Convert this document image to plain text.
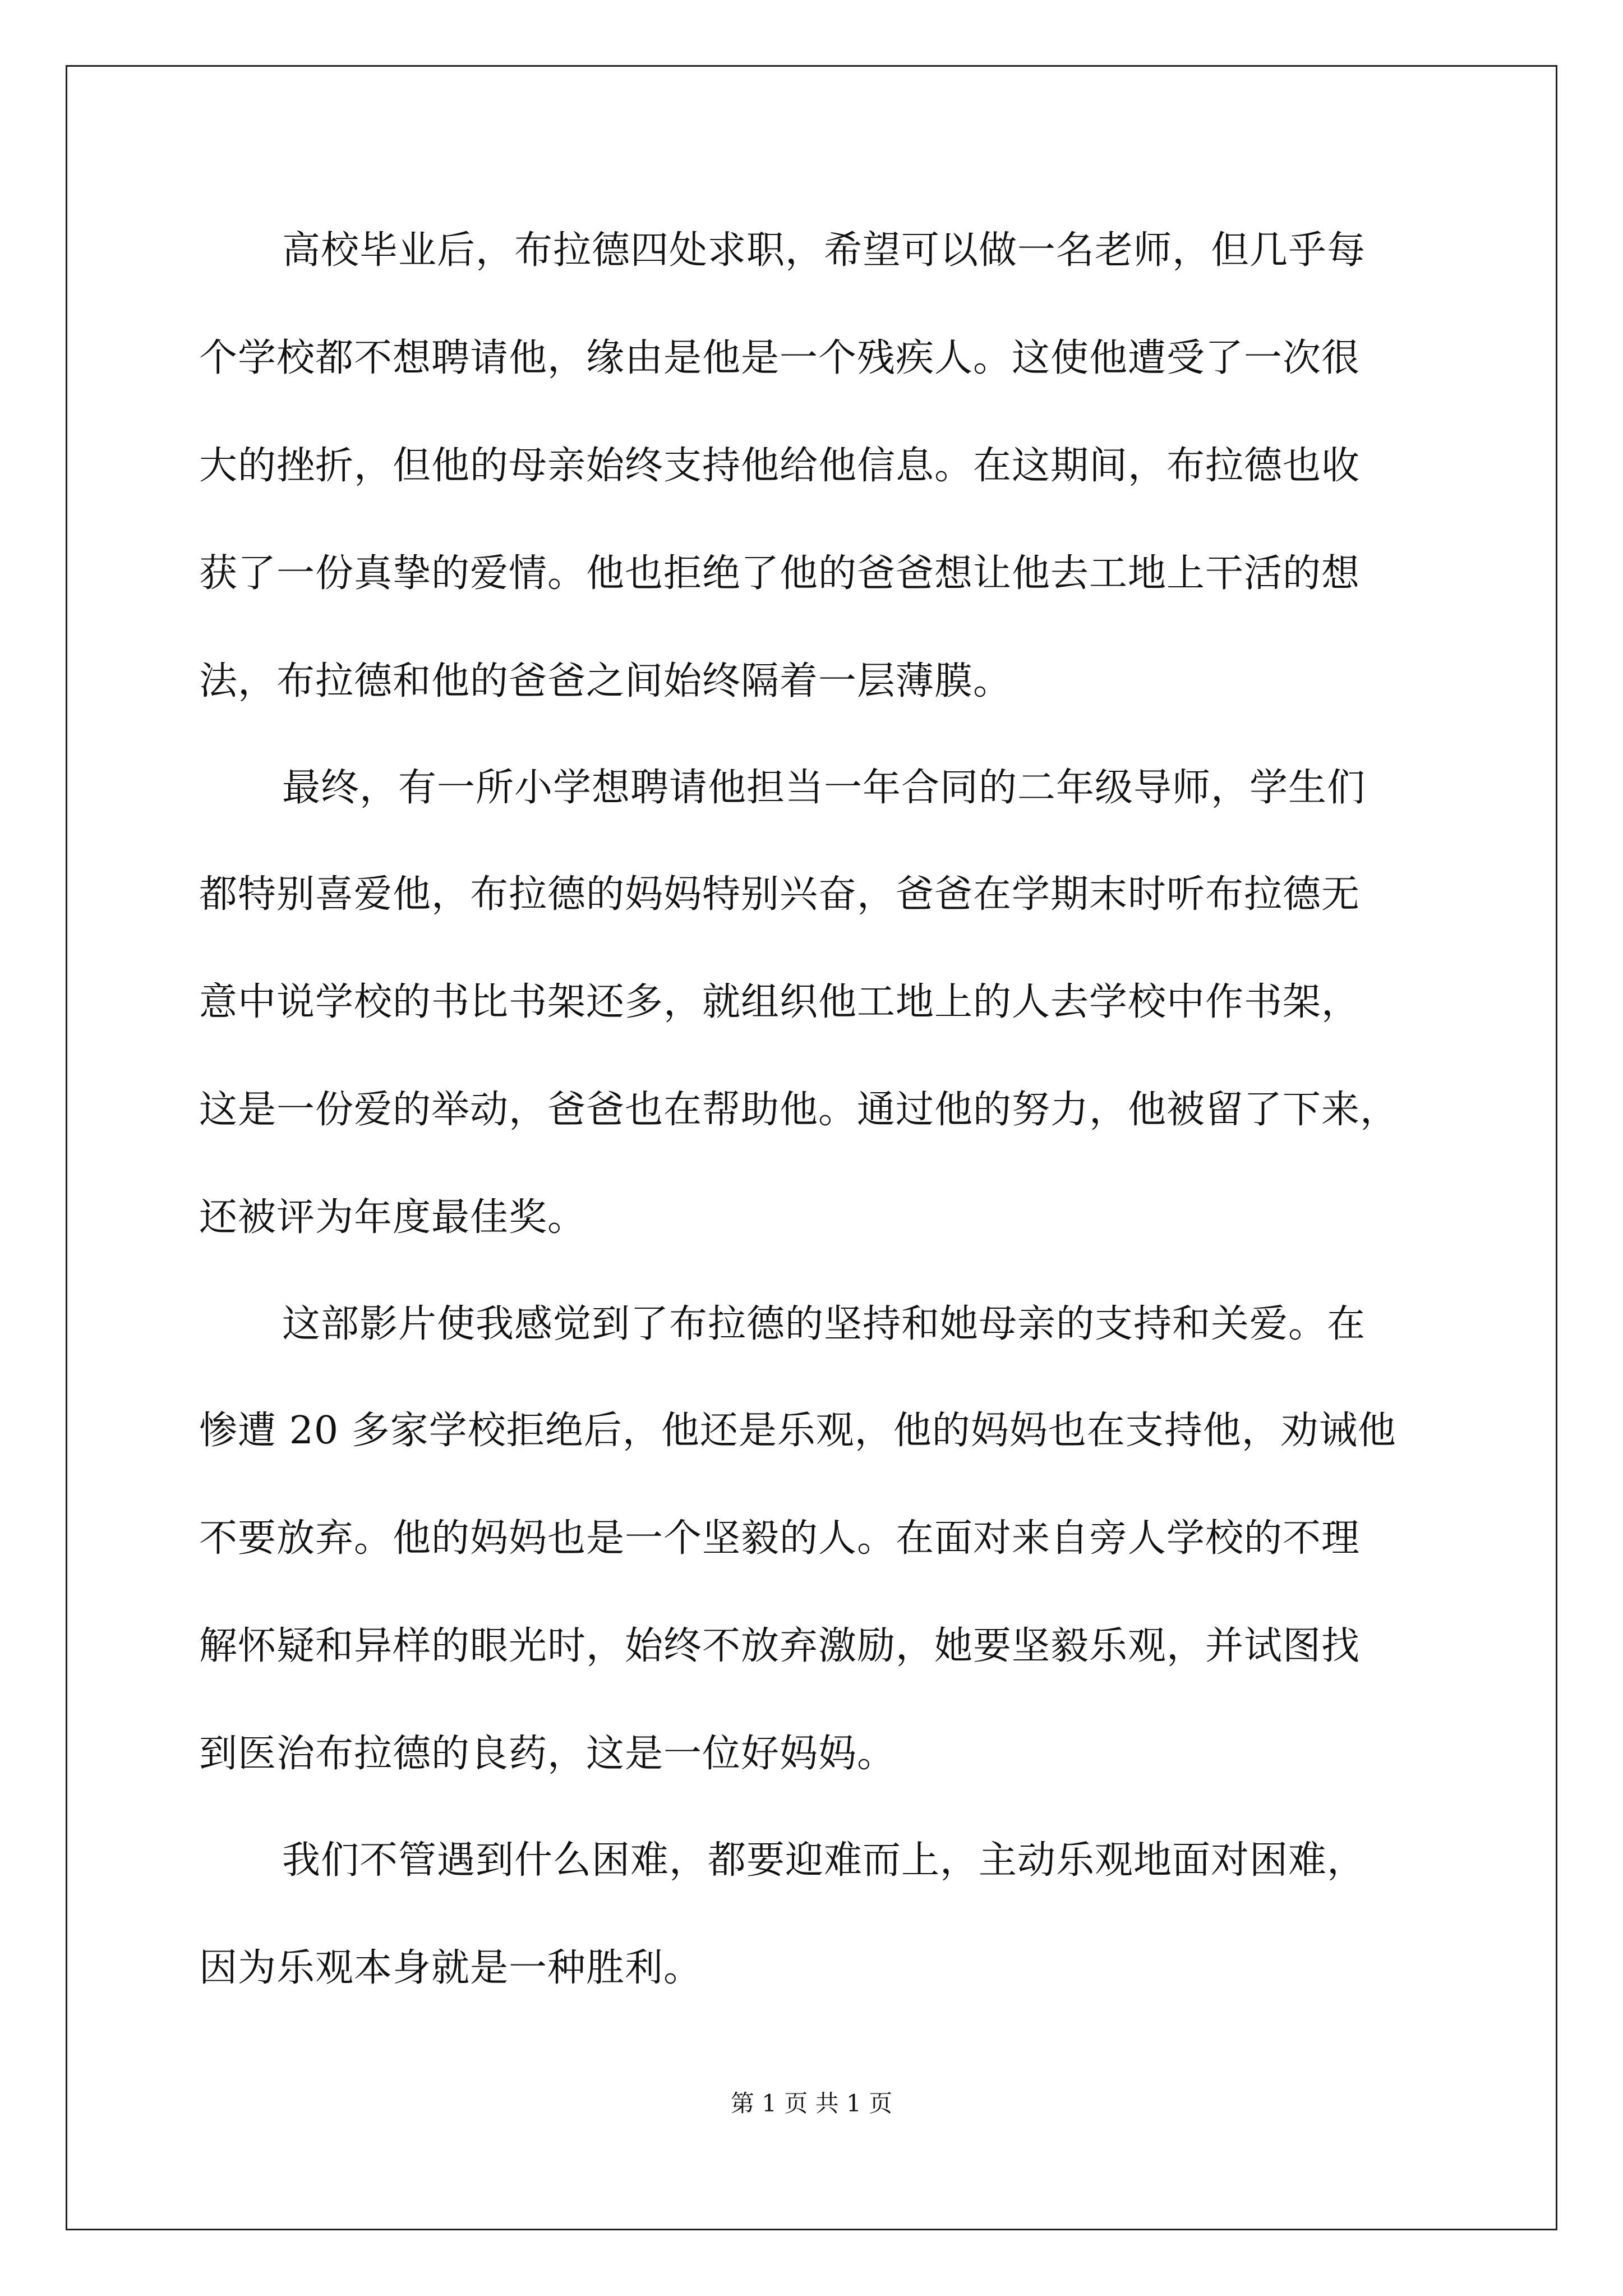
高校毕业后，布拉德四处求职，希望可以做一名老师，但几乎每
个学校都不想聘请他，缘由是他是一个残疾人。这使他遭受了一次很
大的挫折，但他的母亲始终支持他给他信息。在这期间，布拉德也收
获了一份真挚的爱情。他也拒绝了他的爸爸想让他去工地上干活的想
法，布拉德和他的爸爸之间始终隔着一层薄膜。
最终，有一所小学想聘请他担当一年合同的二年级导师，学生们
都特别喜爱他，布拉德的妈妈特别兴奋，爸爸在学期末时听布拉德无
意中说学校的书比书架还多，就组织他工地上的人去学校中作书架，
这是一份爱的举动，爸爸也在帮助他。通过他的努力，他被留了下来，
还被评为年度最佳奖。
这部影片使我感觉到了布拉德的坚持和她母亲的支持和关爱。在
惨遭 20 多家学校拒绝后，他还是乐观，他的妈妈也在支持他，劝诫他
不要放弃。他的妈妈也是一个坚毅的人。在面对来自旁人学校的不理
解怀疑和异样的眼光时，始终不放弃激励，她要坚毅乐观，并试图找
到医治布拉德的良药，这是一位好妈妈。
我们不管遇到什么困难，都要迎难而上，主动乐观地面对困难，
因为乐观本身就是一种胜利。
第 1 页 共 1 页
